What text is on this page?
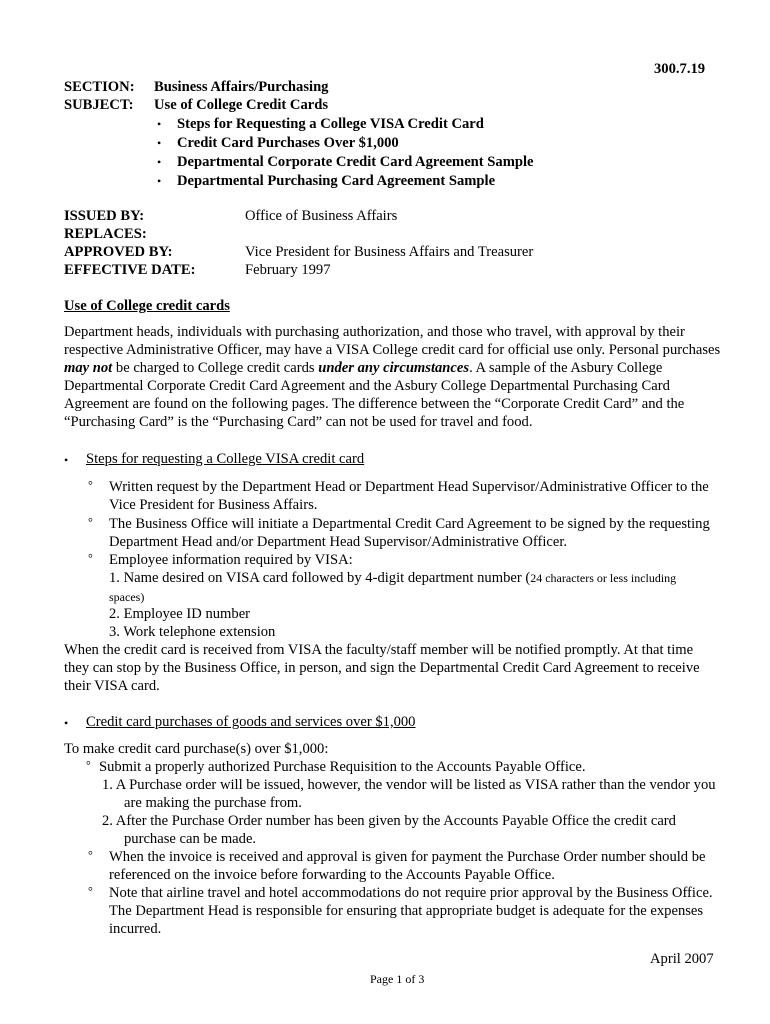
300.7.19
SECTION: Business Affairs/Purchasing
SUBJECT: Use of College Credit Cards
• Steps for Requesting a College VISA Credit Card
• Credit Card Purchases Over $1,000
• Departmental Corporate Credit Card Agreement Sample
• Departmental Purchasing Card Agreement Sample
ISSUED BY:	Office of Business Affairs
REPLACES:
APPROVED BY:	Vice President for Business Affairs and Treasurer
EFFECTIVE DATE:	February 1997
Use of College credit cards
Department heads, individuals with purchasing authorization, and those who travel, with approval by their
respective Administrative Officer, may have a VISA College credit card for official use only. Personal purchases
may not be charged to College credit cards under any circumstances. A sample of the Asbury College
Departmental Corporate Credit Card Agreement and the Asbury College Departmental Purchasing Card
Agreement are found on the following pages. The difference between the “Corporate Credit Card” and the
“Purchasing Card” is the “Purchasing Card” can not be used for travel and food.
• Steps for requesting a College VISA credit card
° Written request by the Department Head or Department Head Supervisor/Administrative Officer to the
Vice President for Business Affairs.
° The Business Office will initiate a Departmental Credit Card Agreement to be signed by the requesting
Department Head and/or Department Head Supervisor/Administrative Officer.
° Employee information required by VISA:
1. Name desired on VISA card followed by 4-digit department number (24 characters or less including
spaces)
2. Employee ID number
3. Work telephone extension
When the credit card is received from VISA the faculty/staff member will be notified promptly. At that time
they can stop by the Business Office, in person, and sign the Departmental Credit Card Agreement to receive
their VISA card.
• Credit card purchases of goods and services over $1,000
To make credit card purchase(s) over $1,000:
° Submit a properly authorized Purchase Requisition to the Accounts Payable Office.
1. A Purchase order will be issued, however, the vendor will be listed as VISA rather than the vendor you
are making the purchase from.
2. After the Purchase Order number has been given by the Accounts Payable Office the credit card
purchase can be made.
° When the invoice is received and approval is given for payment the Purchase Order number should be
referenced on the invoice before forwarding to the Accounts Payable Office.
° Note that airline travel and hotel accommodations do not require prior approval by the Business Office.
The Department Head is responsible for ensuring that appropriate budget is adequate for the expenses
incurred.
April 2007
Page 1 of 3
